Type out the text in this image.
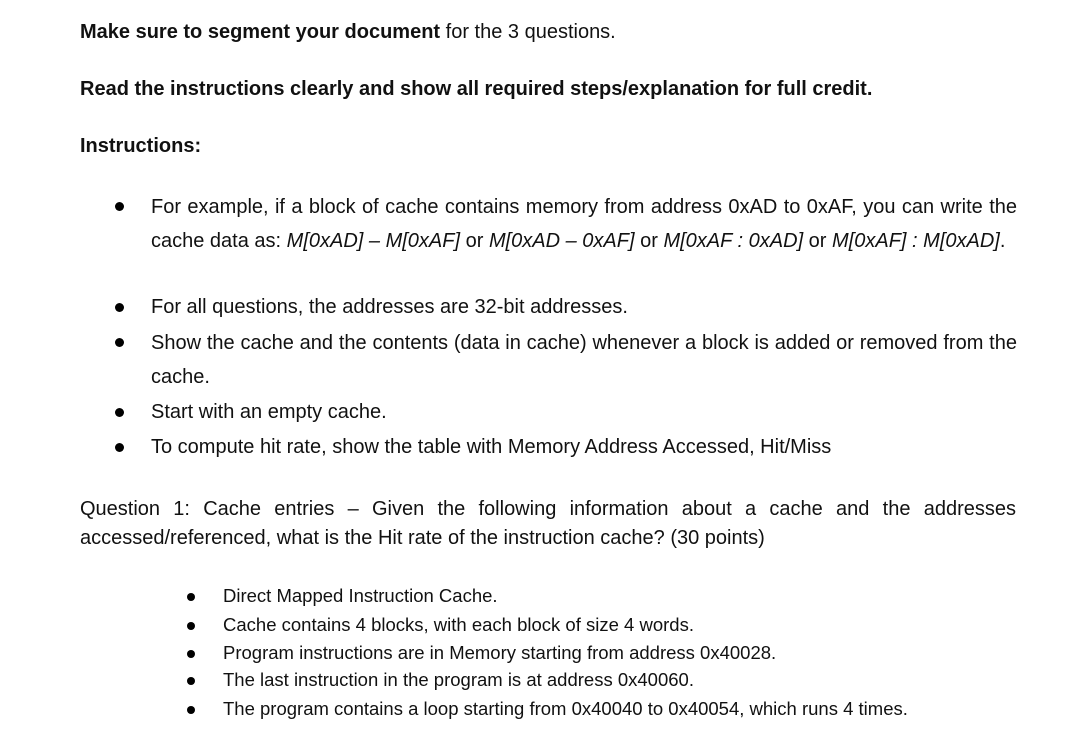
Make sure to segment your document for the 3 questions.
Read the instructions clearly and show all required steps/explanation for full credit.
Instructions:
For example, if a block of cache contains memory from address 0xAD to 0xAF, you can write the cache data as: M[0xAD] – M[0xAF] or M[0xAD – 0xAF] or M[0xAF : 0xAD] or M[0xAF] : M[0xAD].
For all questions, the addresses are 32-bit addresses.
Show the cache and the contents (data in cache) whenever a block is added or removed from the cache.
Start with an empty cache.
To compute hit rate, show the table with Memory Address Accessed, Hit/Miss
Question 1: Cache entries – Given the following information about a cache and the addresses accessed/referenced, what is the Hit rate of the instruction cache? (30 points)
Direct Mapped Instruction Cache.
Cache contains 4 blocks, with each block of size 4 words.
Program instructions are in Memory starting from address 0x40028.
The last instruction in the program is at address 0x40060.
The program contains a loop starting from 0x40040 to 0x40054, which runs 4 times.
